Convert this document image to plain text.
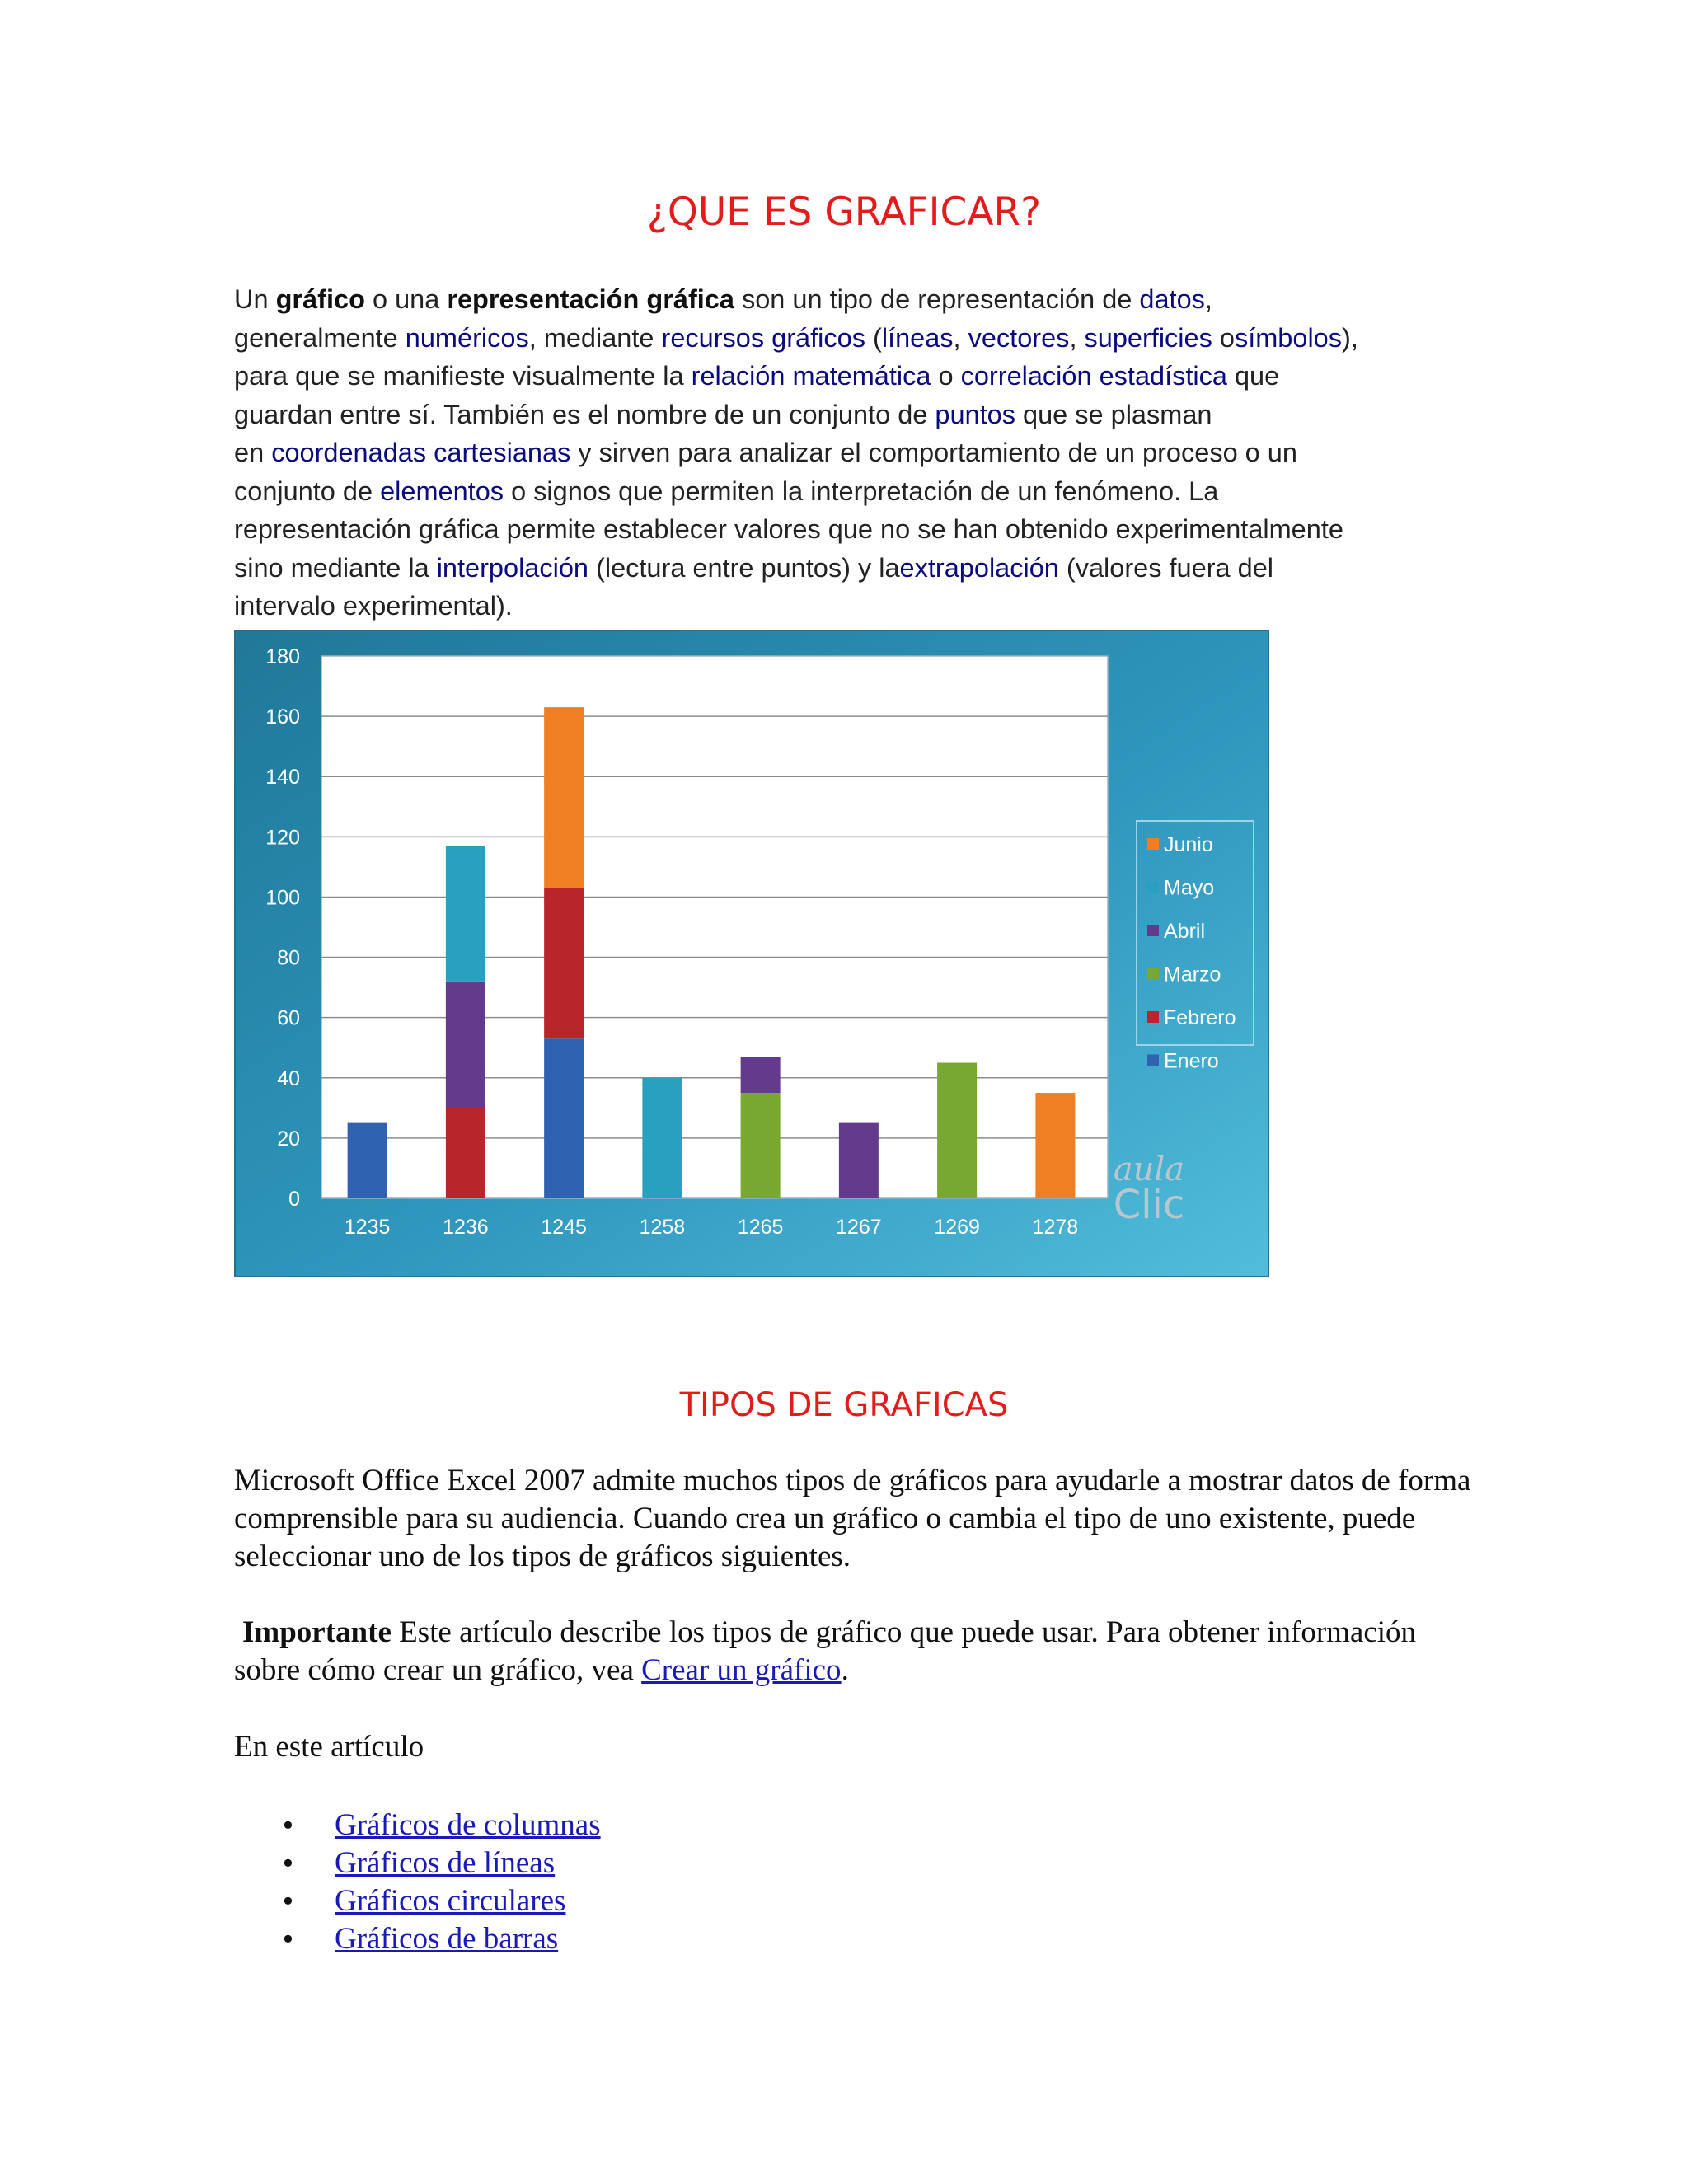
¿QUE ES GRAFICAR?
Un gráfico o una representación gráfica son un tipo de representación de datos,
generalmente numéricos, mediante recursos gráficos (líneas, vectores, superficies osímbolos),
para que se manifieste visualmente la relación matemática o correlación estadística que
guardan entre sí. También es el nombre de un conjunto de puntos que se plasman
en coordenadas cartesianas y sirven para analizar el comportamiento de un proceso o un
conjunto de elementos o signos que permiten la interpretación de un fenómeno. La
representación gráfica permite establecer valores que no se han obtenido experimentalmente
sino mediante la interpolación (lectura entre puntos) y laextrapolación (valores fuera del
intervalo experimental).
0
20
40
60
80
100
120
140
160
180
aula
Clic
1235	1236	1245	1258	1265	1267	1269	1278
Junio
Mayo
Abril
Marzo
Febrero
Enero
TIPOS DE GRAFICAS
Microsoft Office Excel 2007 admite muchos tipos de gráficos para ayudarle a mostrar datos de forma comprensible para su audiencia. Cuando crea un gráfico o cambia el tipo de uno existente, puede seleccionar uno de los tipos de gráficos siguientes.
Importante Este artículo describe los tipos de gráfico que puede usar. Para obtener información sobre cómo crear un gráfico, vea Crear un gráfico.
En este artículo
• Gráficos de columnas
• Gráficos de líneas
• Gráficos circulares
• Gráficos de barras
